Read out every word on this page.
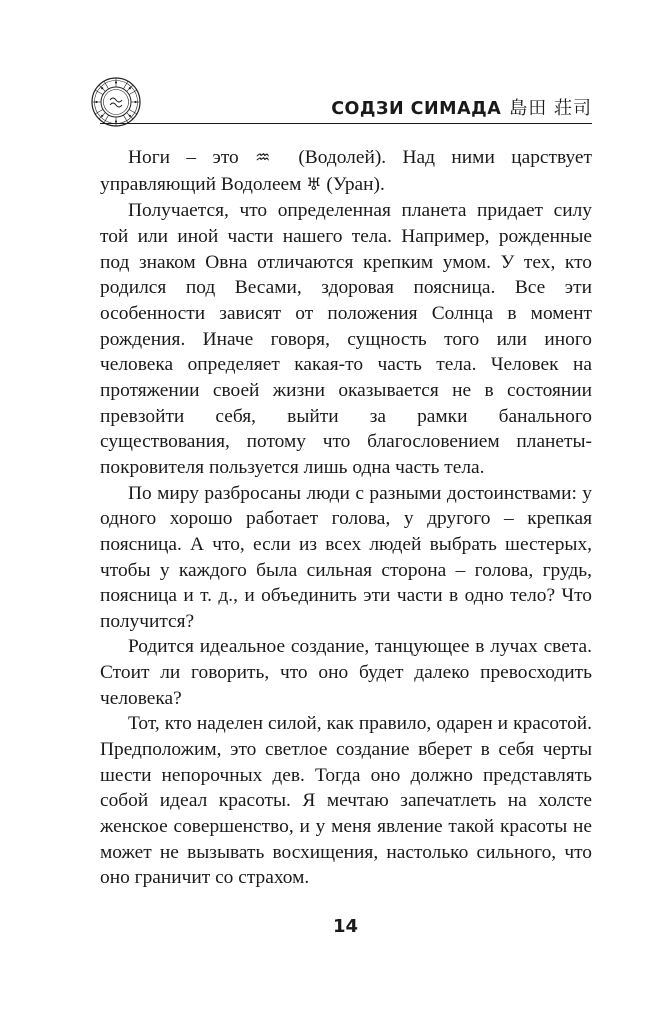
СОДЗИ СИМАДА 島田 荘司

Ноги – это ♒ (Водолей). Над ними царствует управляющий Водолеем ♅ (Уран).

Получается, что определенная планета придает силу той или иной части нашего тела. Например, рожденные под знаком Овна отличаются крепким умом. У тех, кто родился под Весами, здоровая поясница. Все эти особенности зависят от положения Солнца в момент рождения. Иначе говоря, сущность того или иного человека определяет какая-то часть тела. Человек на протяжении своей жизни оказывается не в состоянии превзойти себя, выйти за рамки банального существования, потому что благословением планеты-покровителя пользуется лишь одна часть тела.

По миру разбросаны люди с разными достоинствами: у одного хорошо работает голова, у другого – крепкая поясница. А что, если из всех людей выбрать шестерых, чтобы у каждого была сильная сторона – голова, грудь, поясница и т. д., и объединить эти части в одно тело? Что получится?

Родится идеальное создание, танцующее в лучах света. Стоит ли говорить, что оно будет далеко превосходить человека?

Тот, кто наделен силой, как правило, одарен и красотой. Предположим, это светлое создание вберет в себя черты шести непорочных дев. Тогда оно должно представлять собой идеал красоты. Я мечтаю запечатлеть на холсте женское совершенство, и у меня явление такой красоты не может не вызывать восхищения, настолько сильного, что оно граничит со страхом.

14
